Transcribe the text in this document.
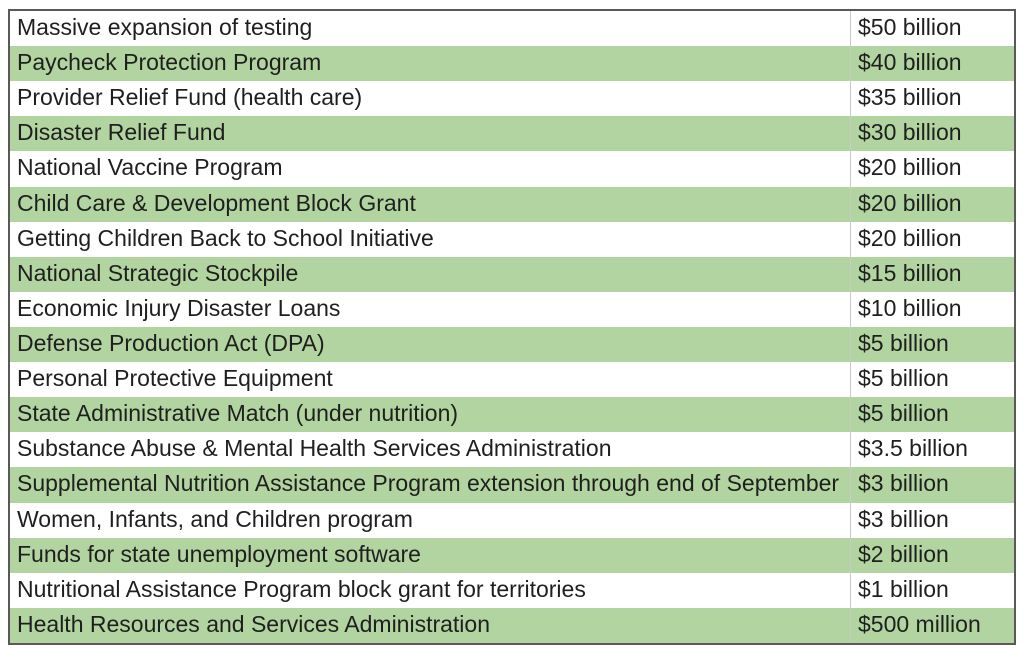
Massive expansion of testing	$50 billion
Paycheck Protection Program	$40 billion
Provider Relief Fund (health care)	$35 billion
Disaster Relief Fund	$30 billion
National Vaccine Program	$20 billion
Child Care & Development Block Grant	$20 billion
Getting Children Back to School Initiative	$20 billion
National Strategic Stockpile	$15 billion
Economic Injury Disaster Loans	$10 billion
Defense Production Act (DPA)	$5 billion
Personal Protective Equipment	$5 billion
State Administrative Match (under nutrition)	$5 billion
Substance Abuse & Mental Health Services Administration	$3.5 billion
Supplemental Nutrition Assistance Program extension through end of September $3 billion
Women, Infants, and Children program	$3 billion
Funds for state unemployment software	$2 billion
Nutritional Assistance Program block grant for territories	$1 billion
Health Resources and Services Administration	$500 million
